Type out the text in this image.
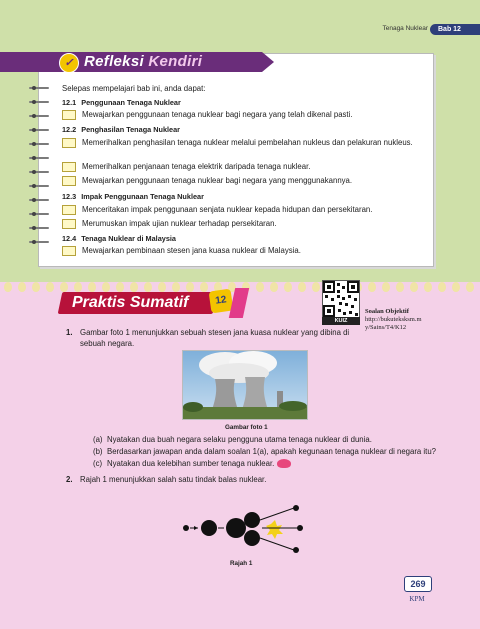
Tenaga Nuklear	Bab 12
✓ Refleksi Kendiri
Selepas mempelajari bab ini, anda dapat:
12.1 Penggunaan Tenaga Nuklear
Mewajarkan penggunaan tenaga nuklear bagi negara yang telah dikenal pasti.
12.2 Penghasilan Tenaga Nuklear
Memerihalkan penghasilan tenaga nuklear melalui pembelahan nukleus dan pelakuran nukleus.
Memerihalkan penjanaan tenaga elektrik daripada tenaga nuklear.
Mewajarkan penggunaan tenaga nuklear bagi negara yang menggunakannya.
12.3 Impak Penggunaan Tenaga Nuklear
Menceritakan impak penggunaan senjata nuklear kepada hidupan dan persekitaran.
Merumuskan impak ujian nuklear terhadap persekitaran.
12.4 Tenaga Nuklear di Malaysia
Mewajarkan pembinaan stesen jana kuasa nuklear di Malaysia.
Praktis Sumatif	12
KUIZ
Soalan Objektif
http://bukuteksksm.my/Sains/T4/K12
1. Gambar foto 1 menunjukkan sebuah stesen jana kuasa nuklear yang dibina di sebuah negara.
Gambar foto 1
(a) Nyatakan dua buah negara selaku pengguna utama tenaga nuklear di dunia.
(b) Berdasarkan jawapan anda dalam soalan 1(a), apakah kegunaan tenaga nuklear di negara itu?
(c) Nyatakan dua kelebihan sumber tenaga nuklear.
2. Rajah 1 menunjukkan salah satu tindak balas nuklear.
Rajah 1
269
KPM
